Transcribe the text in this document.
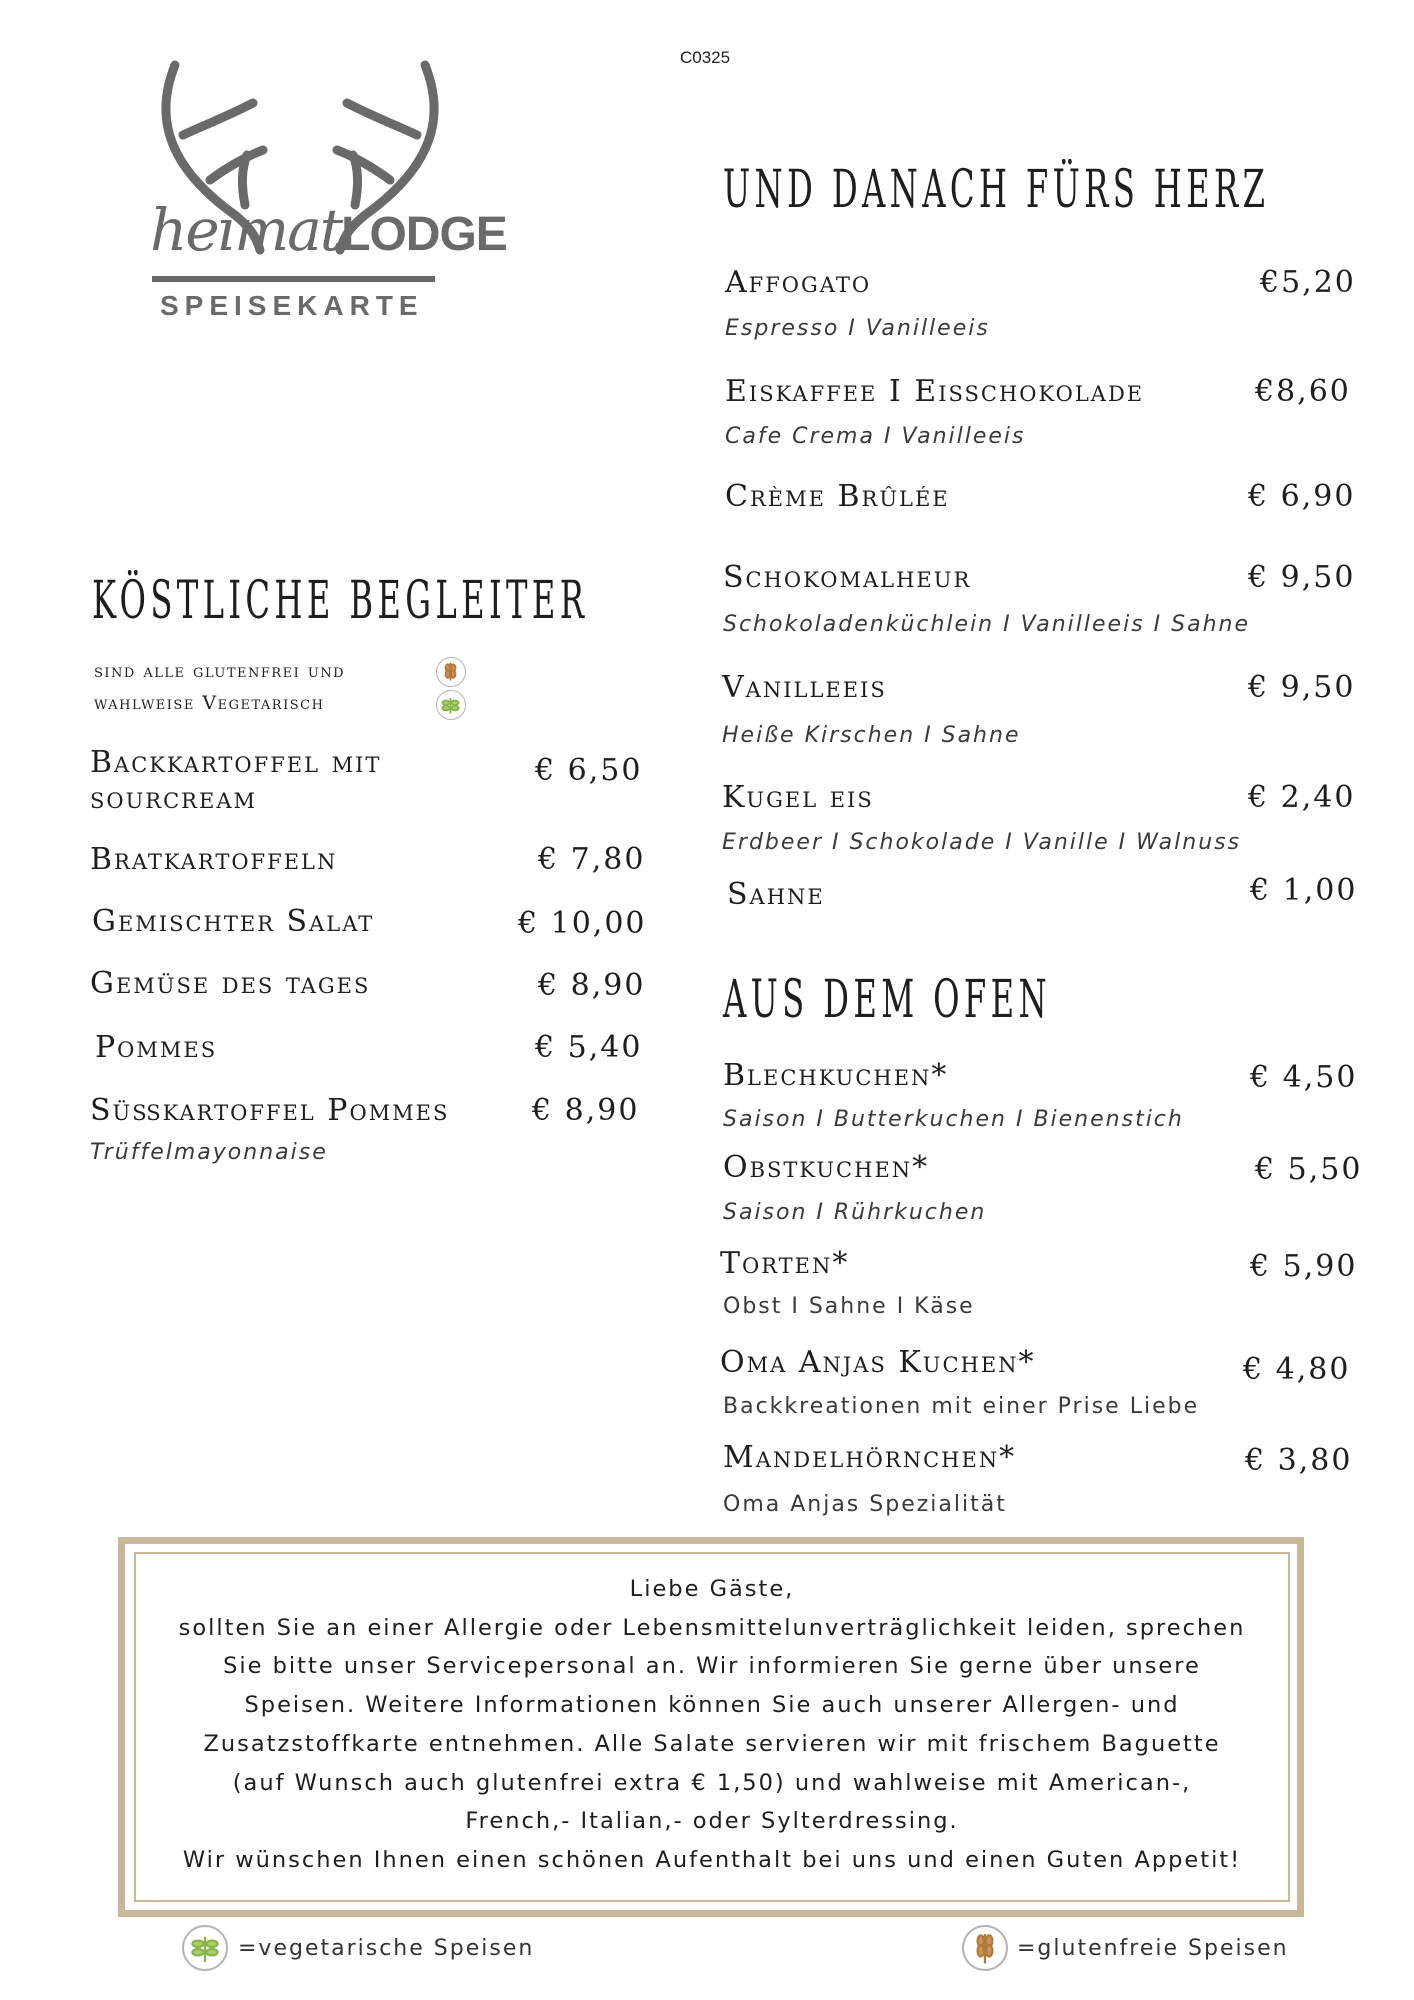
C0325
heimatLODGE
SPEISEKARTE
KÖSTLICHE BEGLEITER
sind alle glutenfrei und
wahlweise Vegetarisch
Backkartoffel mit
sourcream
€ 6,50
Bratkartoffeln	€ 7,80
Gemischter Salat	€ 10,00
Gemüse des tages	€ 8,90
Pommes	€ 5,40
Süßkartoffel Pommes	€ 8,90
Trüffelmayonnaise
UND DANACH FÜRS HERZ
Affogato	€5,20
Espresso I Vanilleeis
Eiskaffee I Eisschokolade	€8,60
Cafe Crema I Vanilleeis
Crème Brûlée	€ 6,90
Schokomalheur	€ 9,50
Schokoladenküchlein I Vanilleeis I Sahne
Vanilleeis	€ 9,50
Heiße Kirschen I Sahne
Kugel eis	€ 2,40
Erdbeer I Schokolade I Vanille I Walnuss
Sahne	€ 1,00
AUS DEM OFEN
Blechkuchen*	€ 4,50
Saison I Butterkuchen I Bienenstich
Obstkuchen*	€ 5,50
Saison I Rührkuchen
Torten*	€ 5,90
Obst I Sahne I Käse
Oma Anjas Kuchen*	€ 4,80
Backkreationen mit einer Prise Liebe
Mandelhörnchen*	€ 3,80
Oma Anjas Spezialität
Liebe Gäste,
sollten Sie an einer Allergie oder Lebensmittelunverträglichkeit leiden, sprechen
Sie bitte unser Servicepersonal an. Wir informieren Sie gerne über unsere
Speisen. Weitere Informationen können Sie auch unserer Allergen- und
Zusatzstoffkarte entnehmen. Alle Salate servieren wir mit frischem Baguette
(auf Wunsch auch glutenfrei extra € 1,50) und wahlweise mit American-,
French,- Italian,- oder Sylterdressing.
Wir wünschen Ihnen einen schönen Aufenthalt bei uns und einen Guten Appetit!
=vegetarische Speisen	=glutenfreie Speisen
